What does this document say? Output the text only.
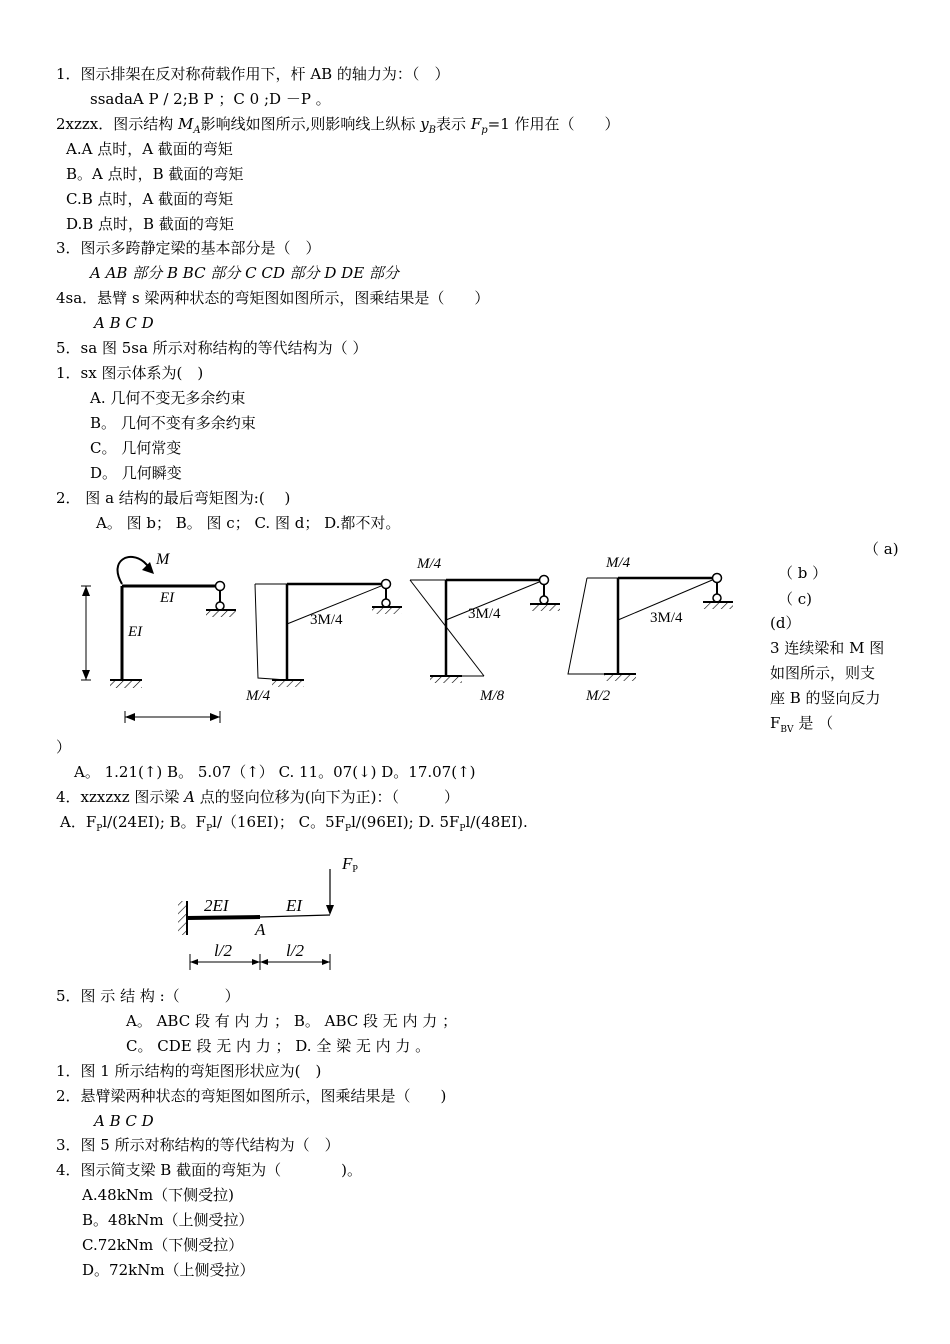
1．图示排架在反对称荷载作用下，杆 AB 的轴力为：（　）
ssadaA P / 2;B P ；C 0 ;D －P 。
2xzzx．图示结构 $M_A$影响线如图所示,则影响线上纵标 $y_B$表示 $F_p=1$ 作用在（　　）
A.A 点时，A 截面的弯矩
B。A 点时，B 截面的弯矩
C.B 点时，A 截面的弯矩
D.B 点时，B 截面的弯矩
3．图示多跨静定梁的基本部分是（　）
A AB 部分 B BC 部分 C CD 部分 D DE 部分
4sa．悬臂 s 梁两种状态的弯矩图如图所示，图乘结果是（　　）
A B C D
5．sa 图 5sa 所示对称结构的等代结构为（ ）
1．sx 图示体系为(　)
A. 几何不变无多余约束
B。 几何不变有多余约束
C。 几何常变
D。 几何瞬变
2． 图 a 结构的最后弯矩图为:(　 )
A。 图 b； B。 图 c； C. 图 d； D.都不对。
（ a)
（ b ）
（ c)
(d）
3 连续梁和 M 图
如图所示，则支
座 B 的竖向反力
$F_{BV}$ 是 （
M
EI
EI
3M/4
M/4
M/4
3M/4
M/8
M/4
3M/4
M/2
）
A。 1.21(↑) B。 5.07（↑） C. 11。07(↓) D。17.07(↑)
4．xzxzxz 图示梁 A 点的竖向位移为(向下为正)：（　　　）
A．$F_Pl/(24EI)$; B。$F_Pl/(16EI)$； C。$5F_Pl/(96EI)$; D. $5F_Pl/(48EI)$.
FP
2EI	EI
A
l/2	l/2
5．图 示 结 构 :（　　　）
A。 ABC 段 有 内 力 ； B。 ABC 段 无 内 力 ；
C。 CDE 段 无 内 力 ； D. 全 梁 无 内 力 。
1．图 1 所示结构的弯矩图形状应为(　)
2．悬臂梁两种状态的弯矩图如图所示，图乘结果是（　　)
A B C D
3．图 5 所示对称结构的等代结构为（　）
4．图示简支梁 B 截面的弯矩为（　　　　)。
A.48kNm（下侧受拉)
B。48kNm（上侧受拉）
C.72kNm（下侧受拉）
D。72kNm（上侧受拉）
